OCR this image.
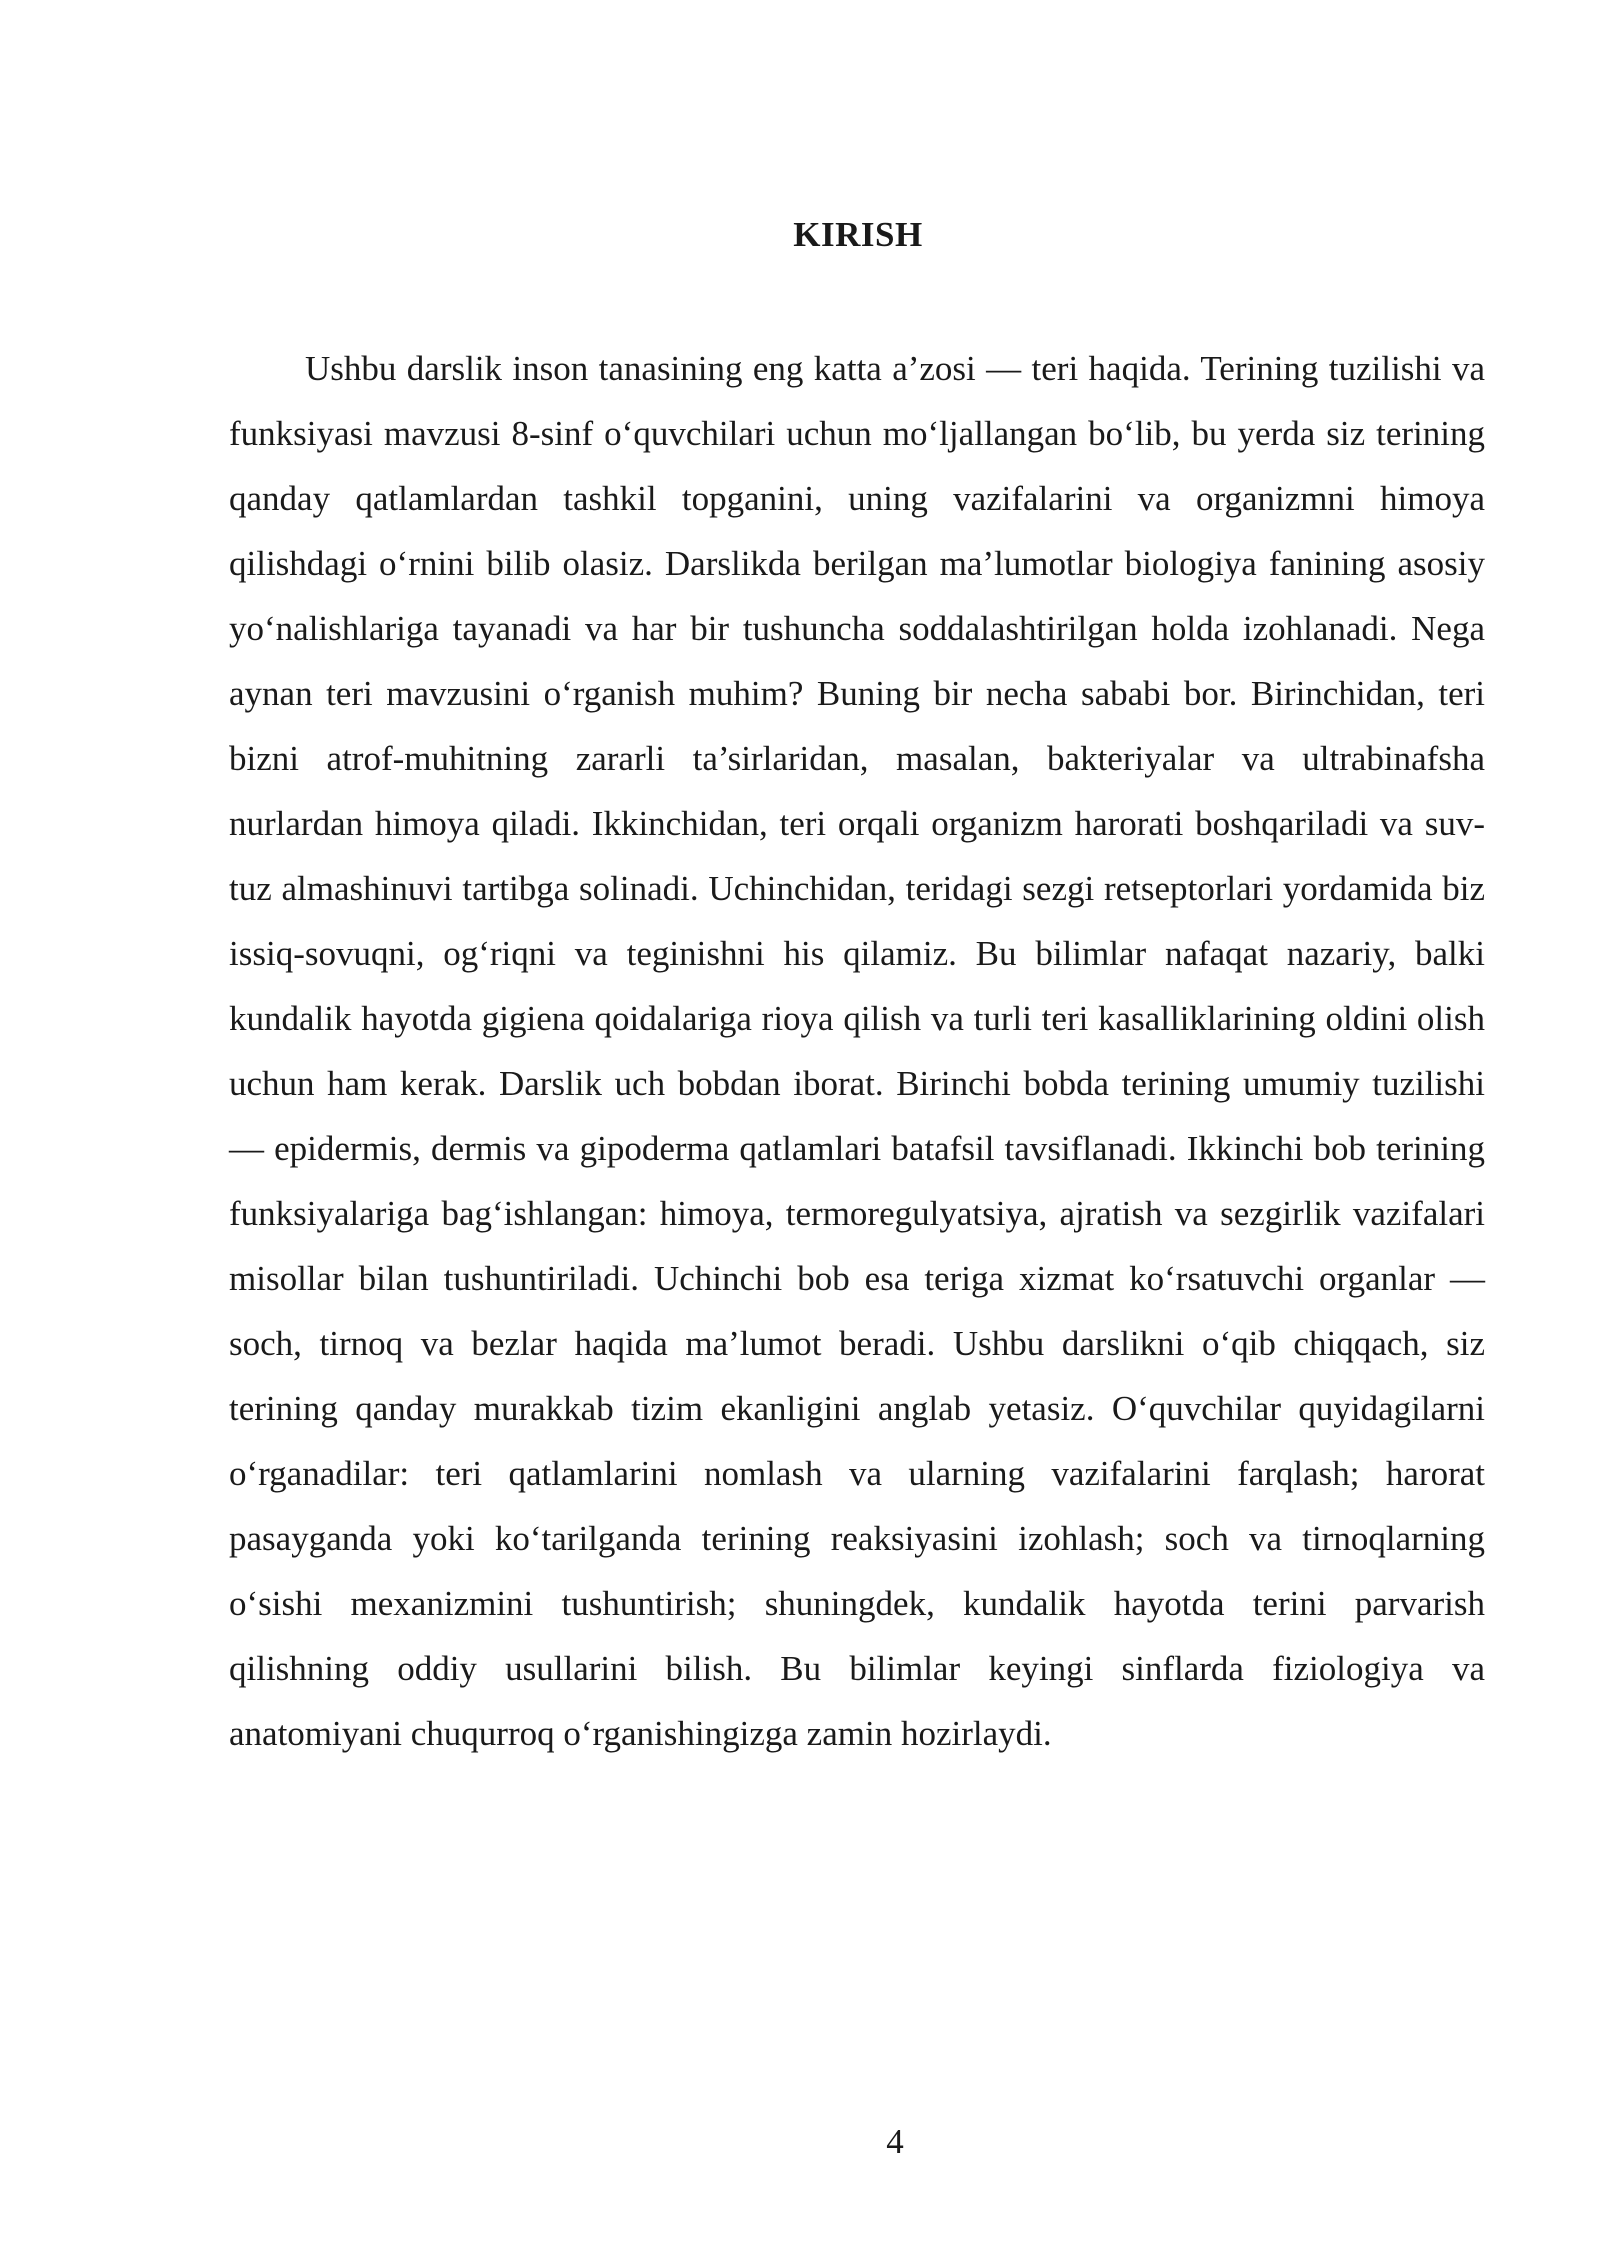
KIRISH

Ushbu darslik inson tanasining eng katta a’zosi — teri haqida. Terining tuzilishi va funksiyasi mavzusi 8-sinf o‘quvchilari uchun mo‘ljallangan bo‘lib, bu yerda siz terining qanday qatlamlardan tashkil topganini, uning vazifalarini va organizmni himoya qilishdagi o‘rnini bilib olasiz. Darslikda berilgan ma’lumotlar biologiya fanining asosiy yo‘nalishlariga tayanadi va har bir tushuncha soddalashtirilgan holda izohlanadi. Nega aynan teri mavzusini o‘rganish muhim? Buning bir necha sababi bor. Birinchidan, teri bizni atrof-muhitning zararli ta’sirlaridan, masalan, bakteriyalar va ultrabinafsha nurlardan himoya qiladi. Ikkinchidan, teri orqali organizm harorati boshqariladi va suv-tuz almashinuvi tartibga solinadi. Uchinchidan, teridagi sezgi retseptorlari yordamida biz issiq-sovuqni, og‘riqni va teginishni his qilamiz. Bu bilimlar nafaqat nazariy, balki kundalik hayotda gigiena qoidalariga rioya qilish va turli teri kasalliklarining oldini olish uchun ham kerak. Darslik uch bobdan iborat. Birinchi bobda terining umumiy tuzilishi — epidermis, dermis va gipoderma qatlamlari batafsil tavsiflanadi. Ikkinchi bob terining funksiyalariga bag‘ishlangan: himoya, termoregulyatsiya, ajratish va sezgirlik vazifalari misollar bilan tushuntiriladi. Uchinchi bob esa teriga xizmat ko‘rsatuvchi organlar — soch, tirnoq va bezlar haqida ma’lumot beradi. Ushbu darslikni o‘qib chiqqach, siz terining qanday murakkab tizim ekanligini anglab yetasiz. O‘quvchilar quyidagilarni o‘rganadilar: teri qatlamlarini nomlash va ularning vazifalarini farqlash; harorat pasayganda yoki ko‘tarilganda terining reaksiyasini izohlash; soch va tirnoqlarning o‘sishi mexanizmini tushuntirish; shuningdek, kundalik hayotda terini parvarish qilishning oddiy usullarini bilish. Bu bilimlar keyingi sinflarda fiziologiya va anatomiyani chuqurroq o‘rganishingizga zamin hozirlaydi.

4
